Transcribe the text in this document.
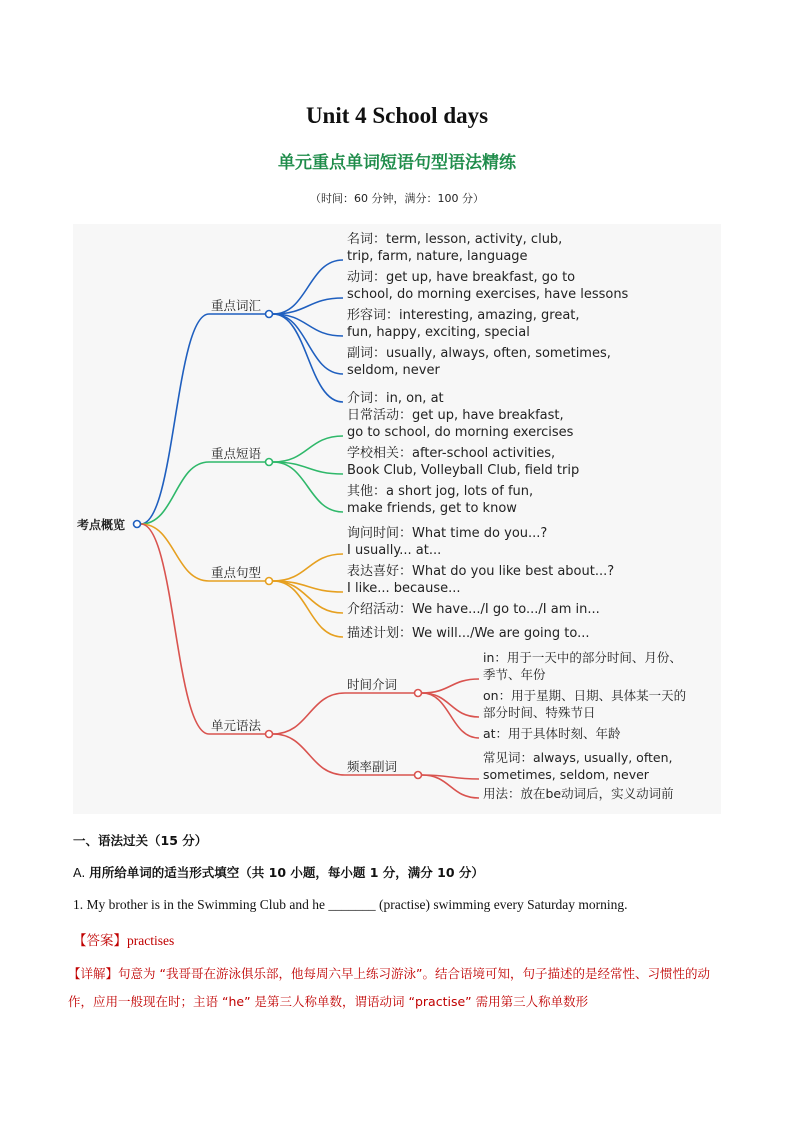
Unit 4 School days
单元重点单词短语句型语法精练
（时间：60 分钟，满分：100 分）
考点概览
重点词汇
名词：term, lesson, activity, club,
trip, farm, nature, language
动词：get up, have breakfast, go to
school, do morning exercises, have lessons
形容词：interesting, amazing, great,
fun, happy, exciting, special
副词：usually, always, often, sometimes,
seldom, never
介词：in, on, at
重点短语
日常活动：get up, have breakfast,
go to school, do morning exercises
学校相关：after-school activities,
Book Club, Volleyball Club, field trip
其他：a short jog, lots of fun,
make friends, get to know
重点句型
询问时间：What time do you...?
I usually... at...
表达喜好：What do you like best about...?
I like... because...
介绍活动：We have.../I go to.../I am in...
描述计划：We will.../We are going to...
单元语法
时间介词
in：用于一天中的部分时间、月份、
季节、年份
on：用于星期、日期、具体某一天的
部分时间、特殊节日
at：用于具体时刻、年龄
频率副词
常见词：always, usually, often,
sometimes, seldom, never
用法：放在be动词后，实义动词前
一、语法过关（15 分）
A. 用所给单词的适当形式填空（共 10 小题，每小题 1 分，满分 10 分）
1. My brother is in the Swimming Club and he _______ (practise) swimming every Saturday morning.
【答案】practises
【详解】句意为 “我哥哥在游泳俱乐部，他每周六早上练习游泳”。结合语境可知，句子描述的是经常性、习惯性的动作，应用一般现在时；主语 “he” 是第三人称单数，谓语动词 “practise” 需用第三人称单数形
